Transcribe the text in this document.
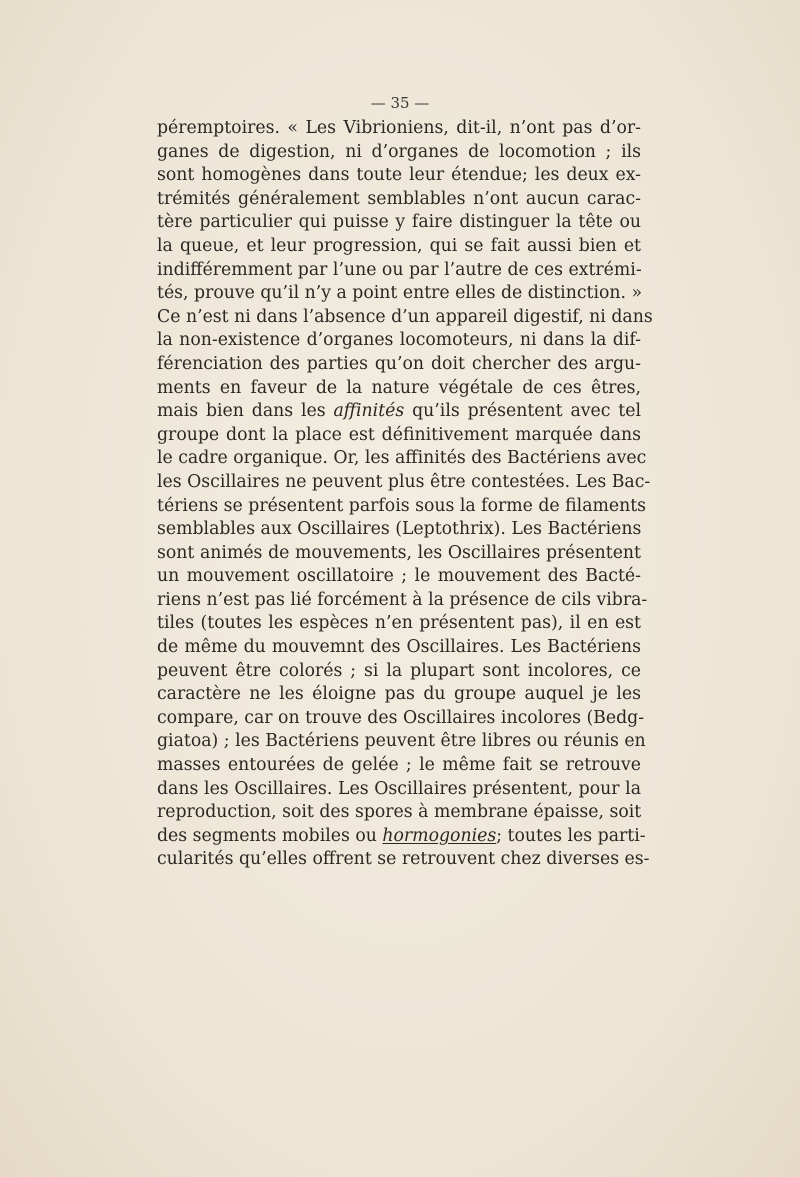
— 35 —
péremptoires. « Les Vibrioniens, dit-il, n’ont pas d’or-
ganes de digestion, ni d’organes de locomotion ; ils
sont homogènes dans toute leur étendue; les deux ex-
trémités généralement semblables n’ont aucun carac-
tère particulier qui puisse y faire distinguer la tête ou
la queue, et leur progression, qui se fait aussi bien et
indifféremment par l’une ou par l’autre de ces extrémi-
tés, prouve qu’il n’y a point entre elles de distinction. »
Ce n’est ni dans l’absence d’un appareil digestif, ni dans
la non-existence d’organes locomoteurs, ni dans la dif-
férenciation des parties qu’on doit chercher des argu-
ments en faveur de la nature végétale de ces êtres,
mais bien dans les affinités qu’ils présentent avec tel
groupe dont la place est définitivement marquée dans
le cadre organique. Or, les affinités des Bactériens avec
les Oscillaires ne peuvent plus être contestées. Les Bac-
tériens se présentent parfois sous la forme de filaments
semblables aux Oscillaires (Leptothrix). Les Bactériens
sont animés de mouvements, les Oscillaires présentent
un mouvement oscillatoire ; le mouvement des Bacté-
riens n’est pas lié forcément à la présence de cils vibra-
tiles (toutes les espèces n’en présentent pas), il en est
de même du mouvemnt des Oscillaires. Les Bactériens
peuvent être colorés ; si la plupart sont incolores, ce
caractère ne les éloigne pas du groupe auquel je les
compare, car on trouve des Oscillaires incolores (Bedg-
giatoa) ; les Bactériens peuvent être libres ou réunis en
masses entourées de gelée ; le même fait se retrouve
dans les Oscillaires. Les Oscillaires présentent, pour la
reproduction, soit des spores à membrane épaisse, soit
des segments mobiles ou hormogonies; toutes les parti-
cularités qu’elles offrent se retrouvent chez diverses es-
